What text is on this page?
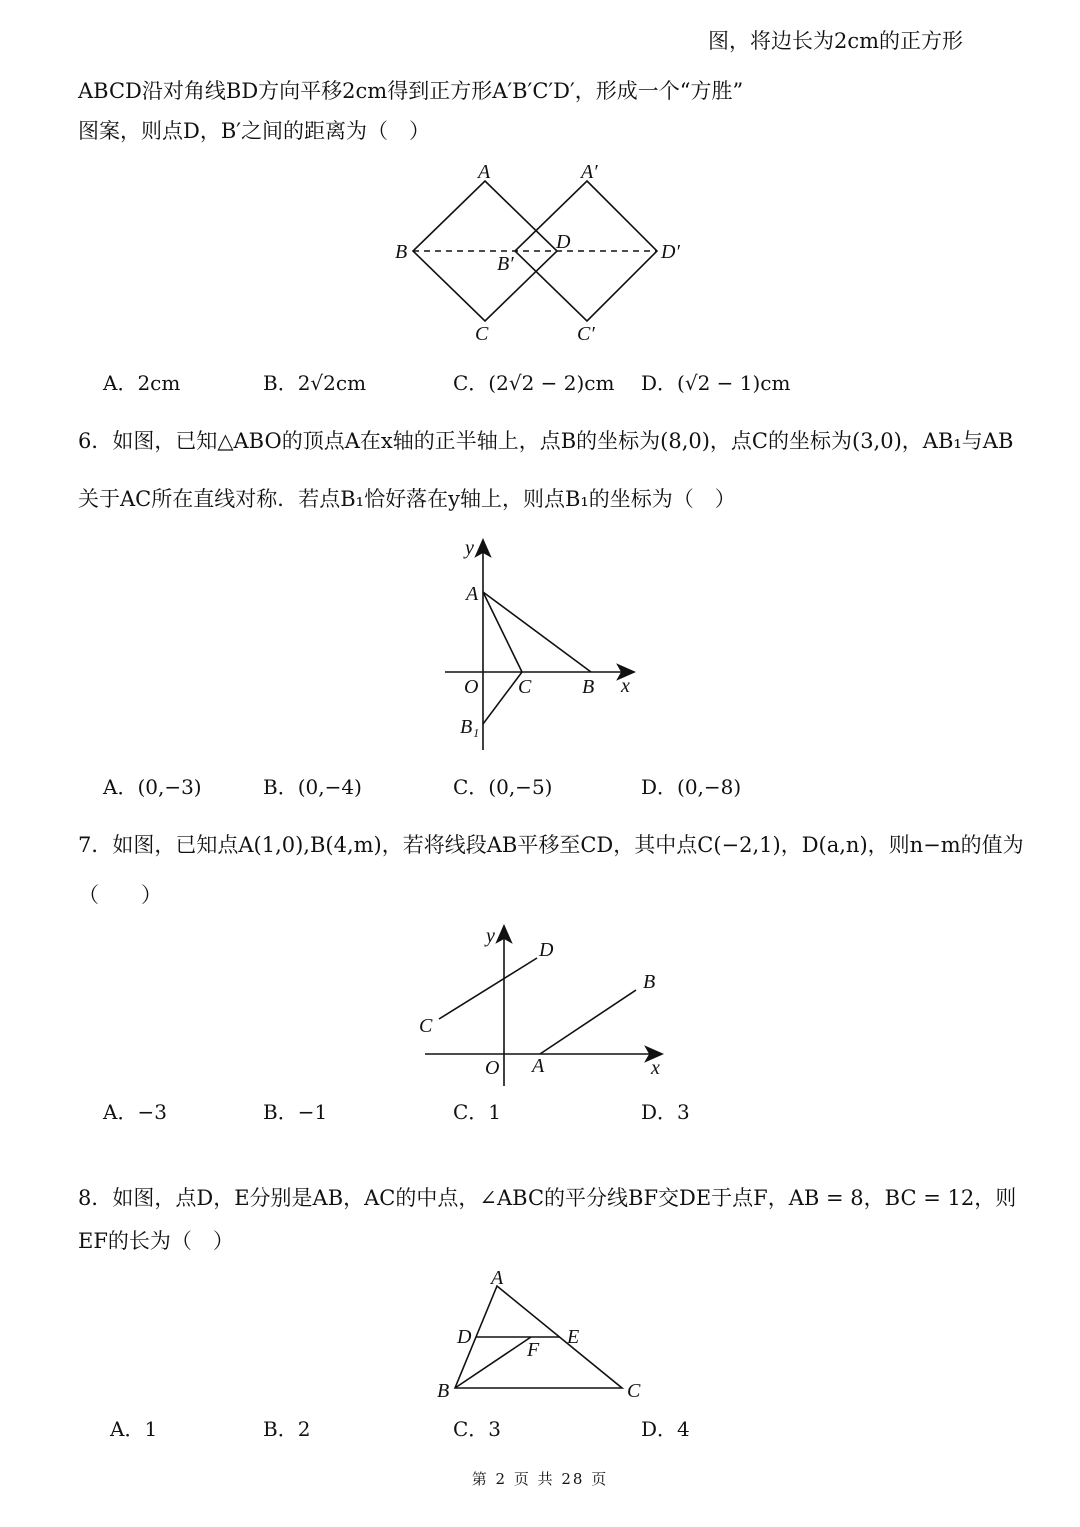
图，将边长为2cm的正方形
ABCD沿对角线BD方向平移2cm得到正方形A′B′C′D′，形成一个“方胜”
图案，则点D，B′之间的距离为（　）
A	A′
B
B′
D	D′
C	C′
A．2cm	B．2√2cm	C．(2√2 − 2)cm D．(√2 − 1)cm
6．如图，已知△ABO的顶点A在x轴的正半轴上，点B的坐标为(8,0)，点C的坐标为(3,0)，AB₁与AB
关于AC所在直线对称．若点B₁恰好落在y轴上，则点B₁的坐标为（　）
y
A
O C	B x
B₁
A．(0,−3)	B．(0,−4)	C．(0,−5)	D．(0,−8)
7．如图，已知点A(1,0),B(4,m)，若将线段AB平移至CD，其中点C(−2,1)，D(a,n)，则n−m的值为
（　　）
y
D
B
C
O A	x
A．−3	B．−1	C．1	D．3
8．如图，点D，E分别是AB，AC的中点，∠ABC的平分线BF交DE于点F，AB = 8，BC = 12，则
EF的长为（　）
A
D	E
F
B	C
A．1	B．2	C．3	D．4
第 2 页 共 28 页
